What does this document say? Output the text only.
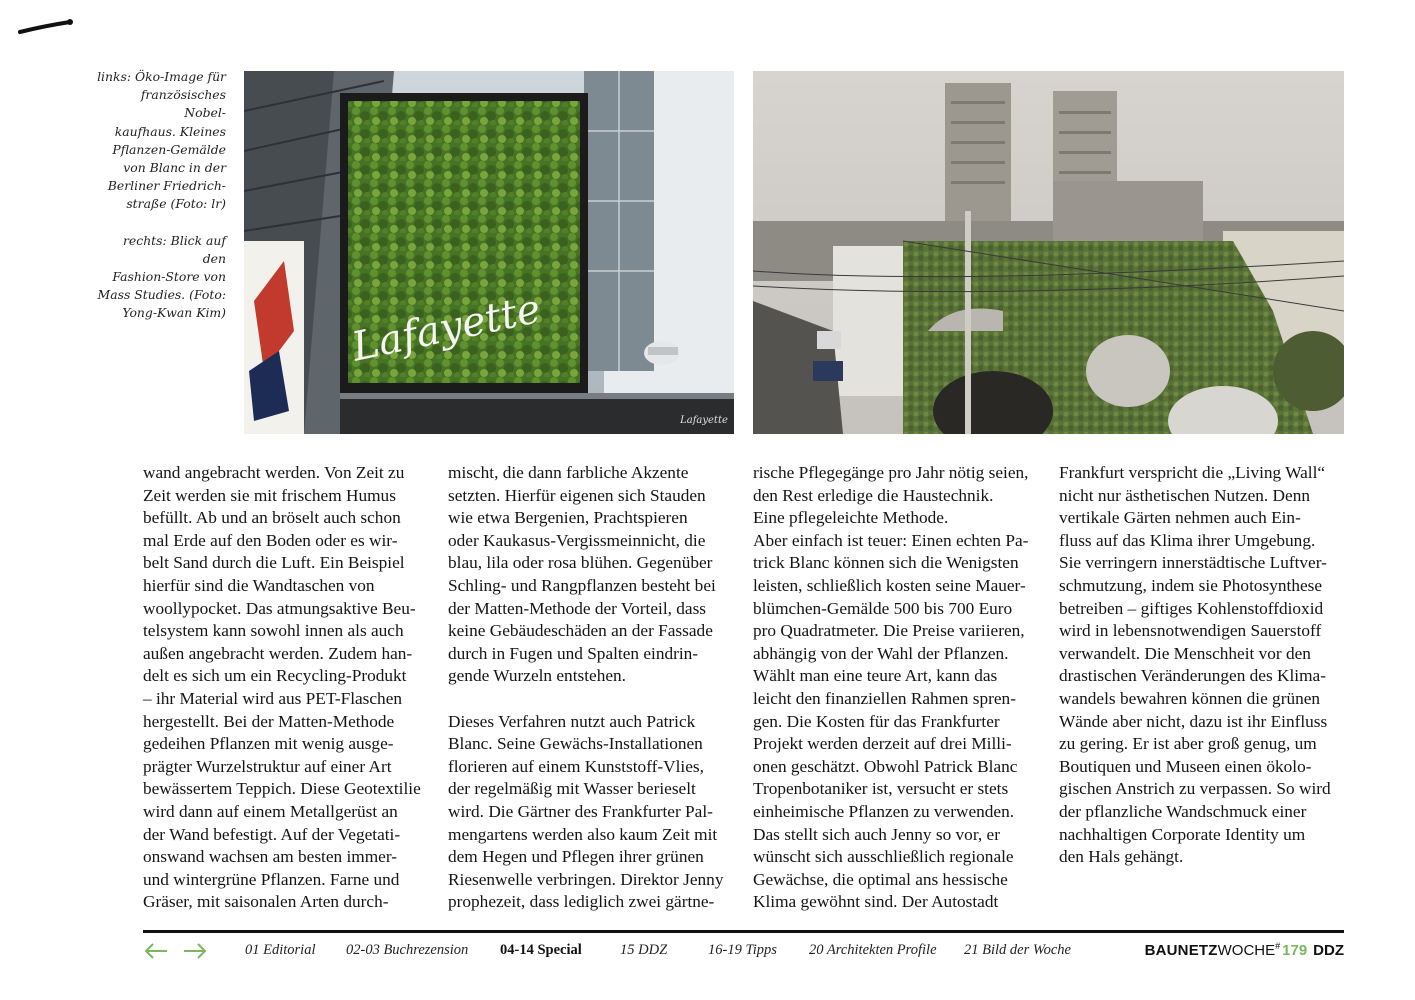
links: Öko-Image für
französisches Nobel-
kaufhaus. Kleines
Pflanzen-Gemälde
von Blanc in der
Berliner Friedrich-
straße (Foto: lr)

rechts: Blick auf den
Fashion-Store von
Mass Studies. (Foto:
Yong-Kwan Kim)	Lafayette
Lafayette
wand angebracht werden. Von Zeit zu
Zeit werden sie mit frischem Humus
befüllt. Ab und an bröselt auch schon
mal Erde auf den Boden oder es wir-
belt Sand durch die Luft. Ein Beispiel
hierfür sind die Wandtaschen von
woollypocket. Das atmungsaktive Beu-
telsystem kann sowohl innen als auch
außen angebracht werden. Zudem han-
delt es sich um ein Recycling-Produkt
– ihr Material wird aus PET-Flaschen
hergestellt. Bei der Matten-Methode
gedeihen Pflanzen mit wenig ausge-
prägter Wurzelstruktur auf einer Art
bewässertem Teppich. Diese Geotextilie
wird dann auf einem Metallgerüst an
der Wand befestigt. Auf der Vegetati-
onswand wachsen am besten immer-
und wintergrüne Pflanzen. Farne und
Gräser, mit saisonalen Arten durch-
mischt, die dann farbliche Akzente
setzten. Hierfür eigenen sich Stauden
wie etwa Bergenien, Prachtspieren
oder Kaukasus-Vergissmeinnicht, die
blau, lila oder rosa blühen. Gegenüber
Schling- und Rangpflanzen besteht bei
der Matten-Methode der Vorteil, dass
keine Gebäudeschäden an der Fassade
durch in Fugen und Spalten eindrin-
gende Wurzeln entstehen.

Dieses Verfahren nutzt auch Patrick
Blanc. Seine Gewächs-Installationen
florieren auf einem Kunststoff-Vlies,
der regelmäßig mit Wasser berieselt
wird. Die Gärtner des Frankfurter Pal-
mengartens werden also kaum Zeit mit
dem Hegen und Pflegen ihrer grünen
Riesenwelle verbringen. Direktor Jenny
prophezeit, dass lediglich zwei gärtne-
rische Pflegegänge pro Jahr nötig seien,
den Rest erledige die Haustechnik.
Eine pflegeleichte Methode.
Aber einfach ist teuer: Einen echten Pa-
trick Blanc können sich die Wenigsten
leisten, schließlich kosten seine Mauer-
blümchen-Gemälde 500 bis 700 Euro
pro Quadratmeter. Die Preise variieren,
abhängig von der Wahl der Pflanzen.
Wählt man eine teure Art, kann das
leicht den finanziellen Rahmen spren-
gen. Die Kosten für das Frankfurter
Projekt werden derzeit auf drei Milli-
onen geschätzt. Obwohl Patrick Blanc
Tropenbotaniker ist, versucht er stets
einheimische Pflanzen zu verwenden.
Das stellt sich auch Jenny so vor, er
wünscht sich ausschließlich regionale
Gewächse, die optimal ans hessische
Klima gewöhnt sind. Der Autostadt
Frankfurt verspricht die „Living Wall“
nicht nur ästhetischen Nutzen. Denn
vertikale Gärten nehmen auch Ein-
fluss auf das Klima ihrer Umgebung.
Sie verringern innerstädtische Luftver-
schmutzung, indem sie Photosynthese
betreiben – giftiges Kohlenstoffdioxid
wird in lebensnotwendigen Sauerstoff
verwandelt. Die Menschheit vor den
drastischen Veränderungen des Klima-
wandels bewahren können die grünen
Wände aber nicht, dazu ist ihr Einfluss
zu gering. Er ist aber groß genug, um
Boutiquen und Museen einen ökolo-
gischen Anstrich zu verpassen. So wird
der pflanzliche Wandschmuck einer
nachhaltigen Corporate Identity um
den Hals gehängt.
01 Editorial 02-03 Buchrezension 04-14 Special	15 DDZ	16-19 Tipps 20 Architekten Profile 21 Bild der Woche	BAUNETZWOCHE# 179 DDZ
